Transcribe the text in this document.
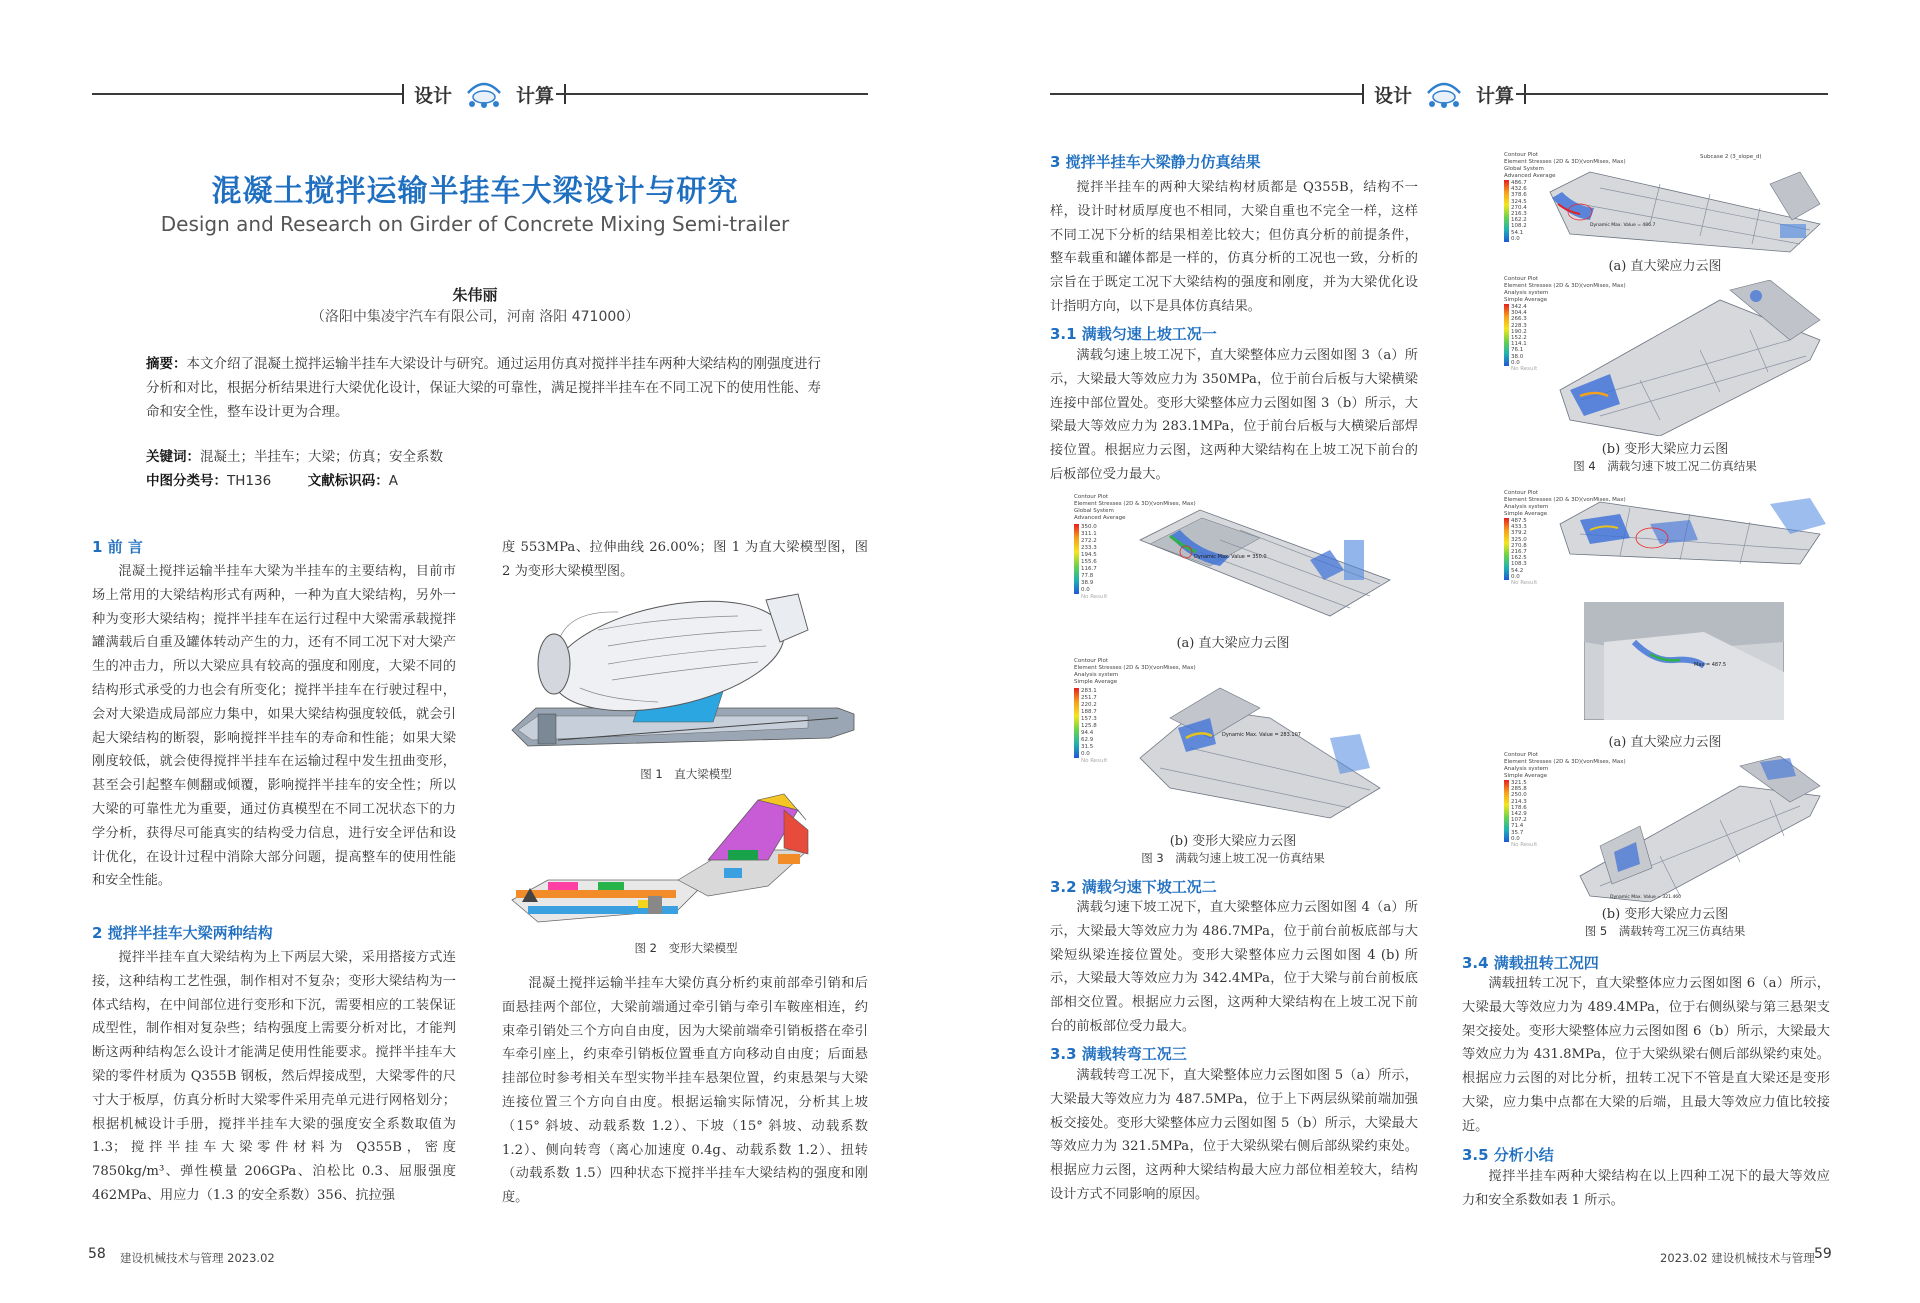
设计	计算	设计	计算
混凝土搅拌运输半挂车大梁设计与研究
Design and Research on Girder of Concrete Mixing Semi-trailer
朱伟丽
（洛阳中集凌宇汽车有限公司，河南 洛阳 471000）
摘要：本文介绍了混凝土搅拌运输半挂车大梁设计与研究。通过运用仿真对搅拌半挂车两种大梁结构的刚强度进行分析和对比，根据分析结果进行大梁优化设计，保证大梁的可靠性，满足搅拌半挂车在不同工况下的使用性能、寿命和安全性，整车设计更为合理。
关键词：混凝土；半挂车；大梁；仿真；安全系数
中图分类号：TH136	文献标识码：A
1 前 言
混凝土搅拌运输半挂车大梁为半挂车的主要结构，目前市场上常用的大梁结构形式有两种，一种为直大梁结构，另外一种为变形大梁结构；搅拌半挂车在运行过程中大梁需承载搅拌罐满载后自重及罐体转动产生的力，还有不同工况下对大梁产生的冲击力，所以大梁应具有较高的强度和刚度，大梁不同的结构形式承受的力也会有所变化；搅拌半挂车在行驶过程中，会对大梁造成局部应力集中，如果大梁结构强度较低，就会引起大梁结构的断裂，影响搅拌半挂车的寿命和性能；如果大梁刚度较低，就会使得搅拌半挂车在运输过程中发生扭曲变形，甚至会引起整车侧翻或倾覆，影响搅拌半挂车的安全性；所以大梁的可靠性尤为重要，通过仿真模型在不同工况状态下的力学分析，获得尽可能真实的结构受力信息，进行安全评估和设计优化，在设计过程中消除大部分问题，提高整车的使用性能和安全性能。
2 搅拌半挂车大梁两种结构
搅拌半挂车直大梁结构为上下两层大梁，采用搭接方式连接，这种结构工艺性强，制作相对不复杂；变形大梁结构为一体式结构，在中间部位进行变形和下沉，需要相应的工装保证成型性，制作相对复杂些；结构强度上需要分析对比，才能判断这两种结构怎么设计才能满足使用性能要求。搅拌半挂车大梁的零件材质为 Q355B 钢板，然后焊接成型，大梁零件的尺寸大于板厚，仿真分析时大梁零件采用壳单元进行网格划分；根据机械设计手册，搅拌半挂车大梁的强度安全系数取值为 1.3；搅拌半挂车大梁零件材料为 Q355B，密度 7850kg/m³、弹性模量 206GPa、泊松比 0.3、屈服强度 462MPa、用应力（1.3 的安全系数）356、抗拉强
度 553MPa、拉伸曲线 26.00%；图 1 为直大梁模型图，图 2 为变形大梁模型图。
图 1　直大梁模型
图 2　变形大梁模型
混凝土搅拌运输半挂车大梁仿真分析约束前部牵引销和后面悬挂两个部位，大梁前端通过牵引销与牵引车鞍座相连，约束牵引销处三个方向自由度，因为大梁前端牵引销板搭在牵引车牵引座上，约束牵引销板位置垂直方向移动自由度；后面悬挂部位时参考相关车型实物半挂车悬架位置，约束悬架与大梁连接位置三个方向自由度。根据运输实际情况，分析其上坡（15° 斜坡、动载系数 1.2）、下坡（15° 斜坡、动载系数 1.2）、侧向转弯（离心加速度 0.4g、动载系数 1.2）、扭转（动载系数 1.5）四种状态下搅拌半挂车大梁结构的强度和刚度。
3 搅拌半挂车大梁静力仿真结果
搅拌半挂车的两种大梁结构材质都是 Q355B，结构不一样，设计时材质厚度也不相同，大梁自重也不完全一样，这样不同工况下分析的结果相差比较大；但仿真分析的前提条件，整车载重和罐体都是一样的，仿真分析的工况也一致，分析的宗旨在于既定工况下大梁结构的强度和刚度，并为大梁优化设计指明方向，以下是具体仿真结果。
3.1 满载匀速上坡工况一
满载匀速上坡工况下，直大梁整体应力云图如图 3（a）所示，大梁最大等效应力为 350MPa，位于前台后板与大梁横梁连接中部位置处。变形大梁整体应力云图如图 3（b）所示，大梁最大等效应力为 283.1MPa，位于前台后板与大横梁后部焊接位置。根据应力云图，这两种大梁结构在上坡工况下前台的后板部位受力最大。
Contour Plot
Element Stresses (2D & 3D)(vonMises, Max)
Global System
Advanced Average
350.0
311.1
272.2
233.3
194.5
155.6
116.7
77.8
38.9
0.0
No Result
Dynamic Max. Value = 350.0
(a) 直大梁应力云图
Contour Plot
Element Stresses (2D & 3D)(vonMises, Max)
Analysis system
Simple Average
283.1
251.7
220.2
188.7
157.3
125.8
94.4
62.9
31.5
0.0
No Result
Dynamic Max. Value = 283.107
(b) 变形大梁应力云图
图 3　满载匀速上坡工况一仿真结果
3.2 满载匀速下坡工况二
满载匀速下坡工况下，直大梁整体应力云图如图 4（a）所示，大梁最大等效应力为 486.7MPa，位于前台前板底部与大梁短纵梁连接位置处。变形大梁整体应力云图如图 4 (b) 所示，大梁最大等效应力为 342.4MPa，位于大梁与前台前板底部相交位置。根据应力云图，这两种大梁结构在上坡工况下前台的前板部位受力最大。
3.3 满载转弯工况三
满载转弯工况下，直大梁整体应力云图如图 5（a）所示，大梁最大等效应力为 487.5MPa，位于上下两层纵梁前端加强板交接处。变形大梁整体应力云图如图 5（b）所示，大梁最大等效应力为 321.5MPa，位于大梁纵梁右侧后部纵梁约束处。根据应力云图，这两种大梁结构最大应力部位相差较大，结构设计方式不同影响的原因。
Contour Plot
Element Stresses (2D & 3D)(vonMises, Max)
Global System
Advanced Average
Subcase 2 (3_slope_d)
486.7
432.6
378.6
324.5
270.4
216.3
162.2
108.2
54.1
0.0
Dynamic Max. Value = 486.7
(a) 直大梁应力云图
Contour Plot
Element Stresses (2D & 3D)(vonMises, Max)
Analysis system
Simple Average
342.4
304.4
266.3
228.3
190.2
152.2
114.1
76.1
38.0
0.0
No Result
(b) 变形大梁应力云图
图 4　满载匀速下坡工况二仿真结果
Contour Plot
Element Stresses (2D & 3D)(vonMises, Max)
Analysis system
Simple Average
487.5
433.3
379.2
325.0
270.8
216.7
162.5
108.3
54.2
0.0
No Result
Max = 487.5
(a) 直大梁应力云图
Contour Plot
Element Stresses (2D & 3D)(vonMises, Max)
Analysis system
Simple Average
321.5
285.8
250.0
214.3
178.6
142.9
107.2
71.4
35.7
0.0
No Result
Dynamic Max. Value = 321.460
(b) 变形大梁应力云图
图 5　满载转弯工况三仿真结果
3.4 满载扭转工况四
满载扭转工况下，直大梁整体应力云图如图 6（a）所示，大梁最大等效应力为 489.4MPa，位于右侧纵梁与第三悬架支架交接处。变形大梁整体应力云图如图 6（b）所示，大梁最大等效应力为 431.8MPa，位于大梁纵梁右侧后部纵梁约束处。根据应力云图的对比分析，扭转工况下不管是直大梁还是变形大梁，应力集中点都在大梁的后端，且最大等效应力值比较接近。
3.5 分析小结
搅拌半挂车两种大梁结构在以上四种工况下的最大等效应力和安全系数如表 1 所示。
58 建设机械技术与管理 2023.02	2023.02 建设机械技术与管理 59
